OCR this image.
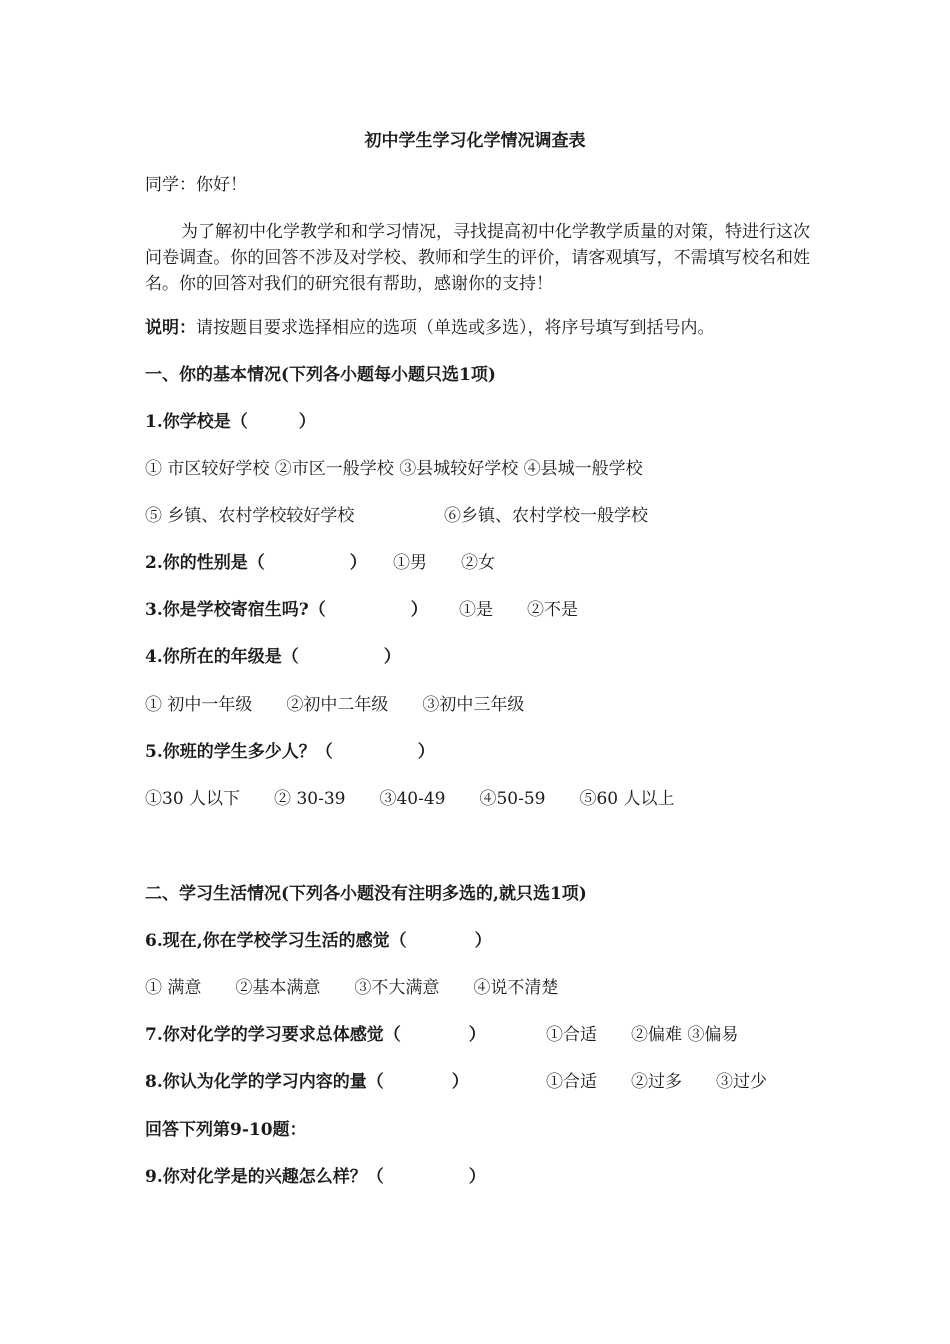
初中学生学习化学情况调查表
同学：你好！
为了解初中化学教学和和学习情况，寻找提高初中化学教学质量的对策，特进行这次问卷调查。你的回答不涉及对学校、教师和学生的评价，请客观填写，不需填写校名和姓名。你的回答对我们的研究很有帮助，感谢你的支持！
说明：请按题目要求选择相应的选项（单选或多选），将序号填写到括号内。
一、你的基本情况(下列各小题每小题只选1项)
1.你学校是（　　　）
① 市区较好学校 ②市区一般学校 ③县城较好学校 ④县城一般学校
⑤ 乡镇、农村学校较好学校	⑥乡镇、农村学校一般学校
2.你的性别是（　　　　　） ①男　　②女
3.你是学校寄宿生吗?（　　　　　） ①是　　②不是
4.你所在的年级是（　　　　　）
① 初中一年级　　②初中二年级　　③初中三年级
5.你班的学生多少人？（　　　　　）
①30 人以下　　② 30-39　　③40-49　　④50-59　　⑤60 人以上
二、学习生活情况(下列各小题没有注明多选的,就只选1项)
6.现在,你在学校学习生活的感觉（　　　　）
① 满意　　②基本满意　　③不大满意　　④说不清楚
7.你对化学的学习要求总体感觉（　　　　）	①合适　　②偏难 ③偏易
8.你认为化学的学习内容的量（　　　　）	①合适　　②过多　　③过少
回答下列第9-10题：
9.你对化学是的兴趣怎么样？（　　　　　）
